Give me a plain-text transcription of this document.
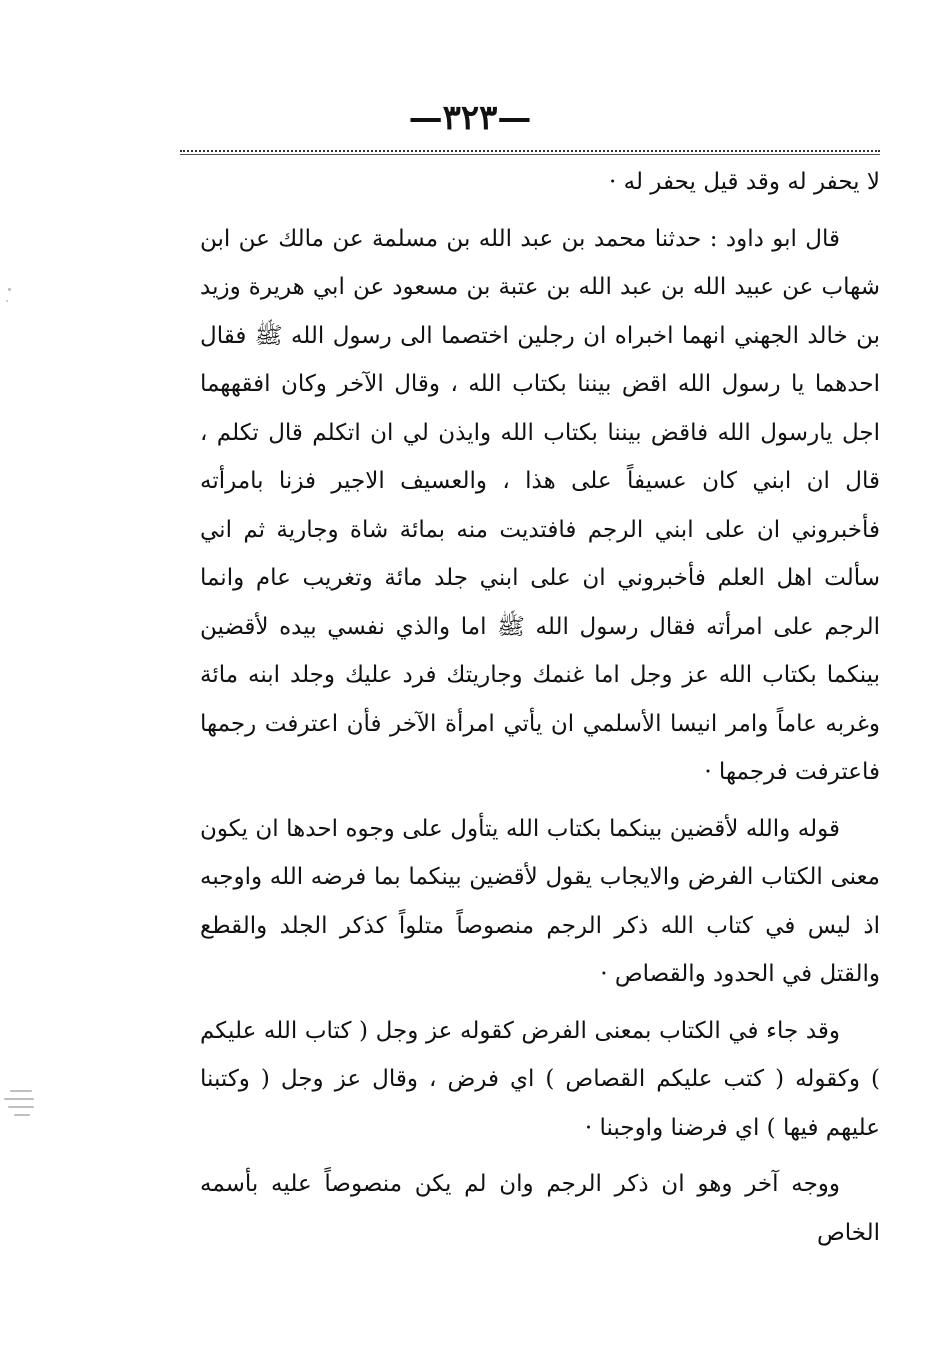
—٣٢٣—

لا يحفر له وقد قيل يحفر له ·

قال ابو داود : حدثنا محمد بن عبد الله بن مسلمة عن مالك عن ابن شهاب عن عبيد الله بن عبد الله بن عتبة بن مسعود عن ابي هريرة وزيد بن خالد الجهني انهما اخبراه ان رجلين اختصما الى رسول الله ﷺ فقال احدهما يا رسول الله اقض بيننا بكتاب الله ، وقال الآخر وكان افقههما اجل يارسول الله فاقض بيننا بكتاب الله وايذن لي ان اتكلم قال تكلم ، قال ان ابني كان عسيفاً على هذا ، والعسيف الاجير فزنا بامرأته فأخبروني ان على ابني الرجم فافتديت منه بمائة شاة وجارية ثم اني سألت اهل العلم فأخبروني ان على ابني جلد مائة وتغريب عام وانما الرجم على امرأته فقال رسول الله ﷺ اما والذي نفسي بيده لأقضين بينكما بكتاب الله عز وجل اما غنمك وجاريتك فرد عليك وجلد ابنه مائة وغربه عاماً وامر انيسا الأسلمي ان يأتي امرأة الآخر فأن اعترفت رجمها فاعترفت فرجمها ·

قوله والله لأقضين بينكما بكتاب الله يتأول على وجوه احدها ان يكون معنى الكتاب الفرض والايجاب يقول لأقضين بينكما بما فرضه الله واوجبه اذ ليس في كتاب الله ذكر الرجم منصوصاً متلواً كذكر الجلد والقطع والقتل في الحدود والقصاص ·

وقد جاء في الكتاب بمعنى الفرض كقوله عز وجل ( كتاب الله عليكم ) وكقوله ( كتب عليكم القصاص ) اي فرض ، وقال عز وجل ( وكتبنا عليهم فيها ) اي فرضنا واوجبنا ·

ووجه آخر وهو ان ذكر الرجم وان لم يكن منصوصاً عليه بأسمه الخاص
